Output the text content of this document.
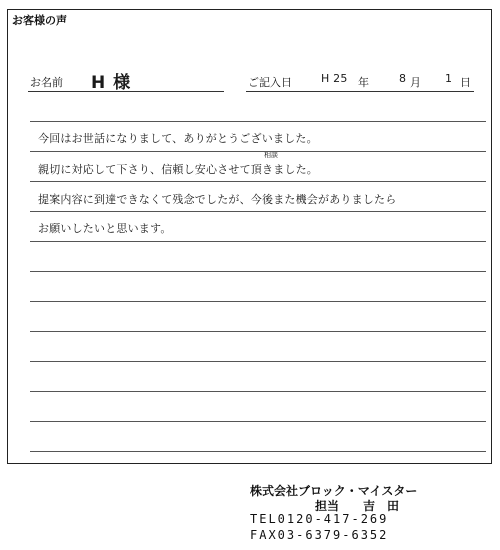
お客様の声
お名前 H 様	ご記入日	H 25 年	8 月 1 日
今回はお世話になりまして、ありがとうございました。
親切に対応して下さり、信頼し安心させて頂きました。
相談
提案内容に到達できなくて残念でしたが、今後また機会がありましたら
お願いしたいと思います。
株式会社ブロック・マイスター
担当　　吉　田
TEL0120-417-269
FAX03-6379-6352
